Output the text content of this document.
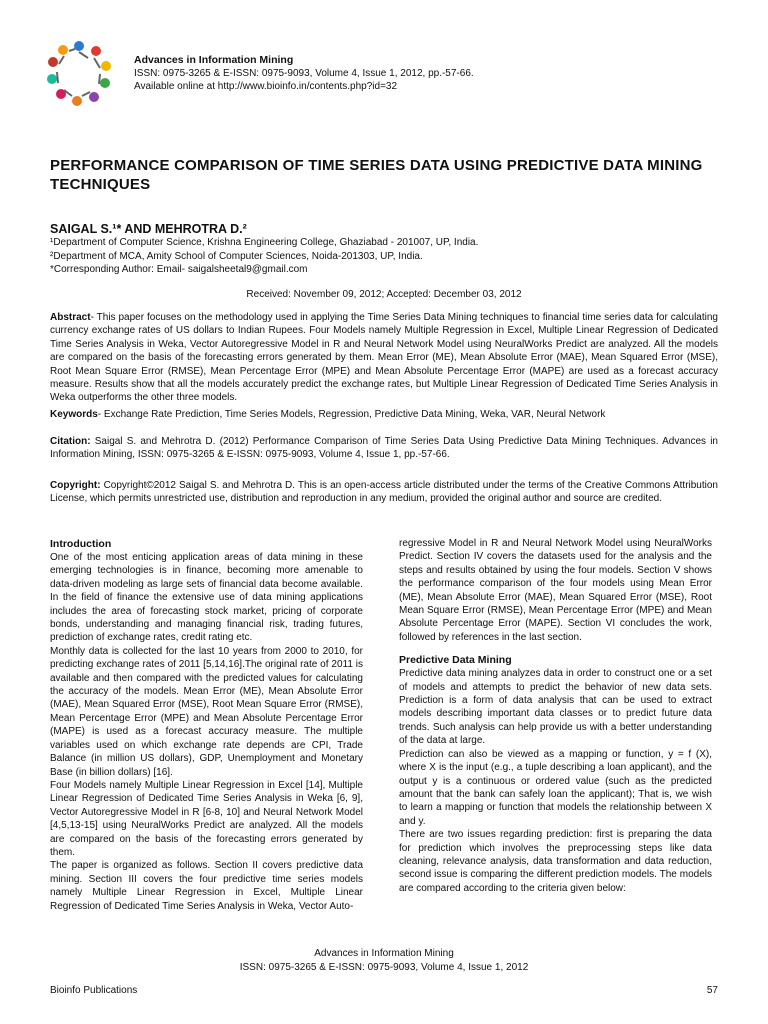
Advances in Information Mining
ISSN: 0975-3265 & E-ISSN: 0975-9093, Volume 4, Issue 1, 2012, pp.-57-66.
Available online at http://www.bioinfo.in/contents.php?id=32
PERFORMANCE COMPARISON OF TIME SERIES DATA USING PREDICTIVE DATA MINING TECHNIQUES
SAIGAL S.¹* AND MEHROTRA D.²
¹Department of Computer Science, Krishna Engineering College, Ghaziabad - 201007, UP, India.
²Department of MCA, Amity School of Computer Sciences, Noida-201303, UP, India.
*Corresponding Author: Email- saigalsheetal9@gmail.com
Received: November 09, 2012; Accepted: December 03, 2012
Abstract- This paper focuses on the methodology used in applying the Time Series Data Mining techniques to financial time series data for calculating currency exchange rates of US dollars to Indian Rupees. Four Models namely Multiple Regression in Excel, Multiple Linear Regression of Dedicated Time Series Analysis in Weka, Vector Autoregressive Model in R and Neural Network Model using NeuralWorks Predict are analyzed. All the models are compared on the basis of the forecasting errors generated by them. Mean Error (ME), Mean Absolute Error (MAE), Mean Squared Error (MSE), Root Mean Square Error (RMSE), Mean Percentage Error (MPE) and Mean Absolute Percentage Error (MAPE) are used as a forecast accuracy measure. Results show that all the models accurately predict the exchange rates, but Multiple Linear Regression of Dedicated Time Series Analysis in Weka outperforms the other three models.
Keywords- Exchange Rate Prediction, Time Series Models, Regression, Predictive Data Mining, Weka, VAR, Neural Network
Citation: Saigal S. and Mehrotra D. (2012) Performance Comparison of Time Series Data Using Predictive Data Mining Techniques. Advances in Information Mining, ISSN: 0975-3265 & E-ISSN: 0975-9093, Volume 4, Issue 1, pp.-57-66.
Copyright: Copyright©2012 Saigal S. and Mehrotra D. This is an open-access article distributed under the terms of the Creative Commons Attribution License, which permits unrestricted use, distribution and reproduction in any medium, provided the original author and source are credited.
Introduction

One of the most enticing application areas of data mining in these emerging technologies is in finance, becoming more amenable to data-driven modeling as large sets of financial data become available. In the field of finance the extensive use of data mining applications includes the area of forecasting stock market, pricing of corporate bonds, understanding and managing financial risk, trading futures, prediction of exchange rates, credit rating etc.

Monthly data is collected for the last 10 years from 2000 to 2010, for predicting exchange rates of 2011 [5,14,16].The original rate of 2011 is available and then compared with the predicted values for calculating the accuracy of the models. Mean Error (ME), Mean Absolute Error (MAE), Mean Squared Error (MSE), Root Mean Square Error (RMSE), Mean Percentage Error (MPE) and Mean Absolute Percentage Error (MAPE) is used as a forecast accuracy measure. The multiple variables used on which exchange rate depends are CPI, Trade Balance (in million US dollars), GDP, Unemployment and Monetary Base (in billion dollars) [16].

Four Models namely Multiple Linear Regression in Excel [14], Multiple Linear Regression of Dedicated Time Series Analysis in Weka [6, 9], Vector Autoregressive Model in R [6-8, 10] and Neural Network Model [4,5,13-15] using NeuralWorks Predict are analyzed. All the models are compared on the basis of the forecasting errors generated by them.

The paper is organized as follows. Section II covers predictive data mining. Section III covers the four predictive time series models namely Multiple Linear Regression in Excel, Multiple Linear Regression of Dedicated Time Series Analysis in Weka, Vector Auto-

regressive Model in R and Neural Network Model using NeuralWorks Predict. Section IV covers the datasets used for the analysis and the steps and results obtained by using the four models. Section V shows the performance comparison of the four models using Mean Error (ME), Mean Absolute Error (MAE), Mean Squared Error (MSE), Root Mean Square Error (RMSE), Mean Percentage Error (MPE) and Mean Absolute Percentage Error (MAPE). Section VI concludes the work, followed by references in the last section.

Predictive Data Mining

Predictive data mining analyzes data in order to construct one or a set of models and attempts to predict the behavior of new data sets. Prediction is a form of data analysis that can be used to extract models describing important data classes or to predict future data trends. Such analysis can help provide us with a better understanding of the data at large.

Prediction can also be viewed as a mapping or function, y = f (X), where X is the input (e.g., a tuple describing a loan applicant), and the output y is a continuous or ordered value (such as the predicted amount that the bank can safely loan the applicant); That is, we wish to learn a mapping or function that models the relationship between X and y.

There are two issues regarding prediction: first is preparing the data for prediction which involves the preprocessing steps like data cleaning, relevance analysis, data transformation and data reduction, second issue is comparing the different prediction models. The models are compared according to the criteria given below:

Advances in Information Mining
ISSN: 0975-3265 & E-ISSN: 0975-9093, Volume 4, Issue 1, 2012
Bioinfo Publications	57
